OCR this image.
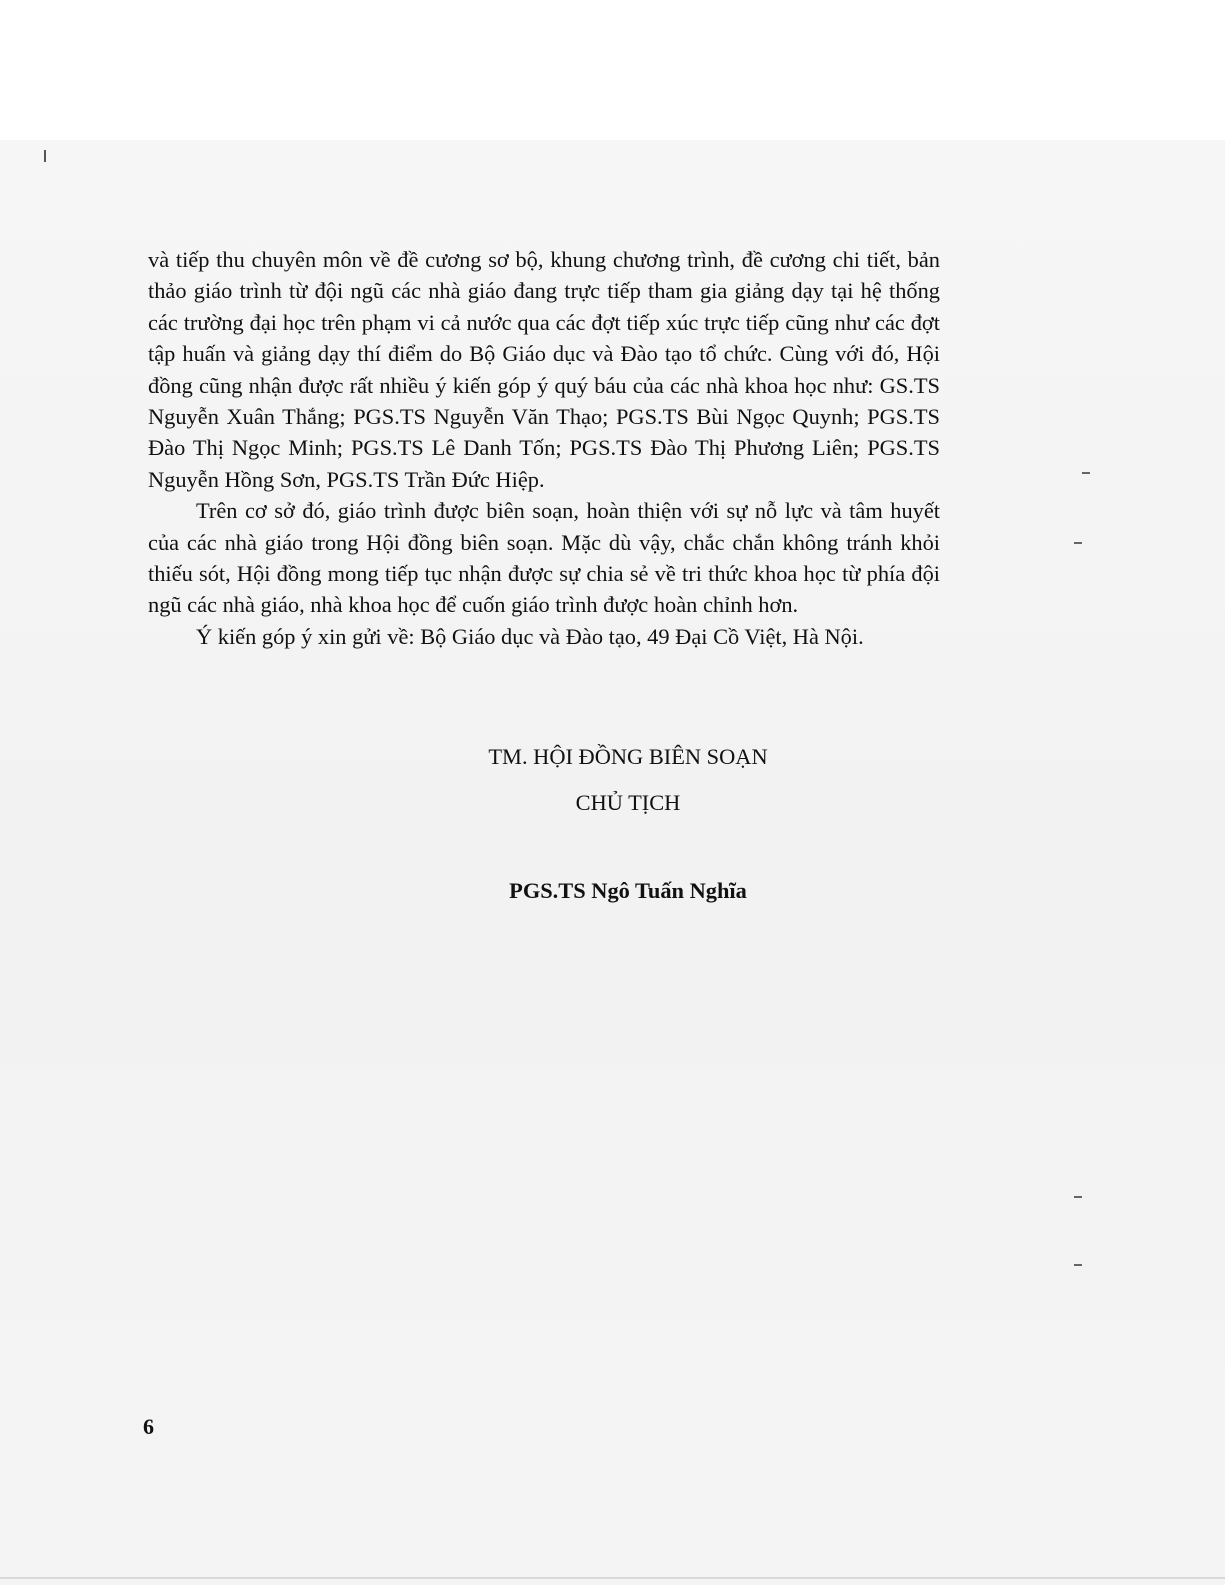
và tiếp thu chuyên môn về đề cương sơ bộ, khung chương trình, đề cương chi tiết, bản thảo giáo trình từ đội ngũ các nhà giáo đang trực tiếp tham gia giảng dạy tại hệ thống các trường đại học trên phạm vi cả nước qua các đợt tiếp xúc trực tiếp cũng như các đợt tập huấn và giảng dạy thí điểm do Bộ Giáo dục và Đào tạo tổ chức. Cùng với đó, Hội đồng cũng nhận được rất nhiều ý kiến góp ý quý báu của các nhà khoa học như: GS.TS Nguyễn Xuân Thắng; PGS.TS Nguyễn Văn Thạo; PGS.TS Bùi Ngọc Quynh; PGS.TS Đào Thị Ngọc Minh; PGS.TS Lê Danh Tốn; PGS.TS Đào Thị Phương Liên; PGS.TS Nguyễn Hồng Sơn, PGS.TS Trần Đức Hiệp.

Trên cơ sở đó, giáo trình được biên soạn, hoàn thiện với sự nỗ lực và tâm huyết của các nhà giáo trong Hội đồng biên soạn. Mặc dù vậy, chắc chắn không tránh khỏi thiếu sót, Hội đồng mong tiếp tục nhận được sự chia sẻ về tri thức khoa học từ phía đội ngũ các nhà giáo, nhà khoa học để cuốn giáo trình được hoàn chỉnh hơn.

Ý kiến góp ý xin gửi về: Bộ Giáo dục và Đào tạo, 49 Đại Cồ Việt, Hà Nội.

TM. HỘI ĐỒNG BIÊN SOẠN
CHỦ TỊCH
PGS.TS Ngô Tuấn Nghĩa
6
